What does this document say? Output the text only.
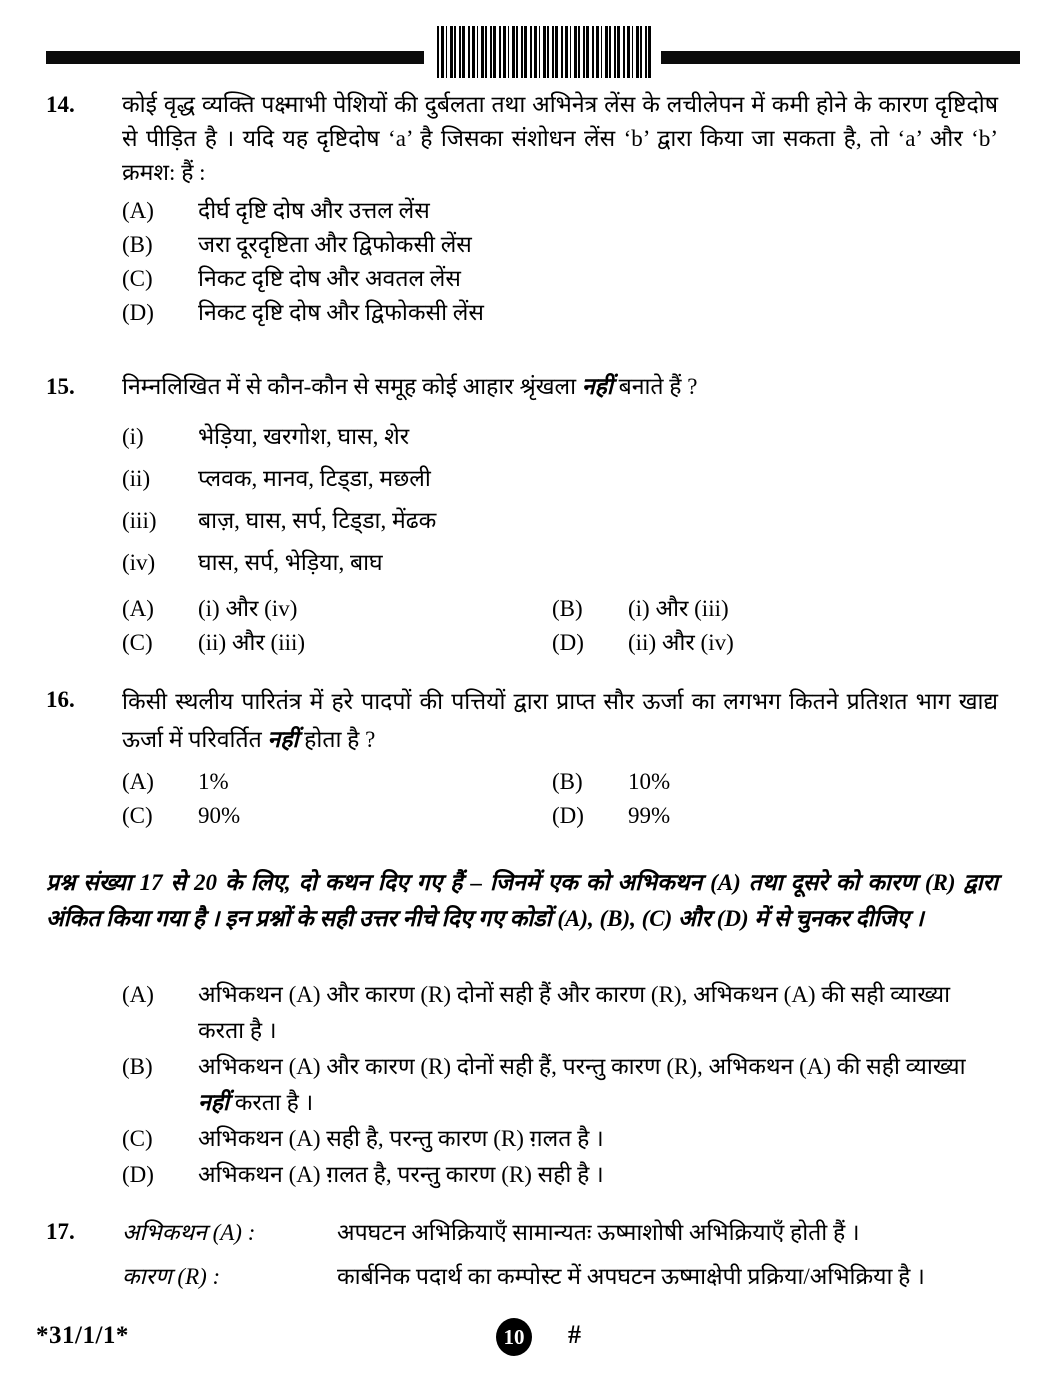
14.	कोई वृद्ध व्यक्ति पक्ष्माभी पेशियों की दुर्बलता तथा अभिनेत्र लेंस के लचीलेपन में कमी होने के कारण दृष्टिदोष से पीड़ित है । यदि यह दृष्टिदोष ‘a’ है जिसका संशोधन लेंस ‘b’ द्वारा किया जा सकता है, तो ‘a’ और ‘b’ क्रमश: हैं :
(A)	दीर्घ दृष्टि दोष और उत्तल लेंस
(B)	जरा दूरदृष्टिता और द्विफोकसी लेंस
(C)	निकट दृष्टि दोष और अवतल लेंस
(D)	निकट दृष्टि दोष और द्विफोकसी लेंस
15.	निम्नलिखित में से कौन-कौन से समूह कोई आहार श्रृंखला नहीं बनाते हैं ?
(i)	भेड़िया, खरगोश, घास, शेर
(ii)	प्लवक, मानव, टिड्‌डा, मछली
(iii)	बाज़, घास, सर्प, टिड्‌डा, मेंढक
(iv)	घास, सर्प, भेड़िया, बाघ
(A)	(i) और (iv)	(B)	(i) और (iii)
(C)	(ii) और (iii)	(D)	(ii) और (iv)
16.	किसी स्थलीय पारितंत्र में हरे पादपों की पत्तियों द्वारा प्राप्त सौर ऊर्जा का लगभग कितने प्रतिशत भाग खाद्य ऊर्जा में परिवर्तित नहीं होता है ?
(A)	1%	(B)	10%
(C)	90%	(D)	99%
प्रश्न संख्या 17 से 20 के लिए, दो कथन दिए गए हैं – जिनमें एक को अभिकथन (A) तथा दूसरे को कारण (R) द्वारा अंकित किया गया है । इन प्रश्नों के सही उत्तर नीचे दिए गए कोडों (A), (B), (C) और (D) में से चुनकर दीजिए ।
(A)	अभिकथन (A) और कारण (R) दोनों सही हैं और कारण (R), अभिकथन (A) की सही व्याख्या करता है ।
(B)	अभिकथन (A) और कारण (R) दोनों सही हैं, परन्तु कारण (R), अभिकथन (A) की सही व्याख्या नहीं करता है ।
(C)	अभिकथन (A) सही है, परन्तु कारण (R) ग़लत है ।
(D)	अभिकथन (A) ग़लत है, परन्तु कारण (R) सही है ।
17.	अभिकथन (A) :	अपघटन अभिक्रियाएँ सामान्यतः ऊष्माशोषी अभिक्रियाएँ होती हैं ।
कारण (R) :	कार्बनिक पदार्थ का कम्पोस्ट में अपघटन ऊष्माक्षेपी प्रक्रिया/अभिक्रिया है ।
*31/1/1*	10 #
